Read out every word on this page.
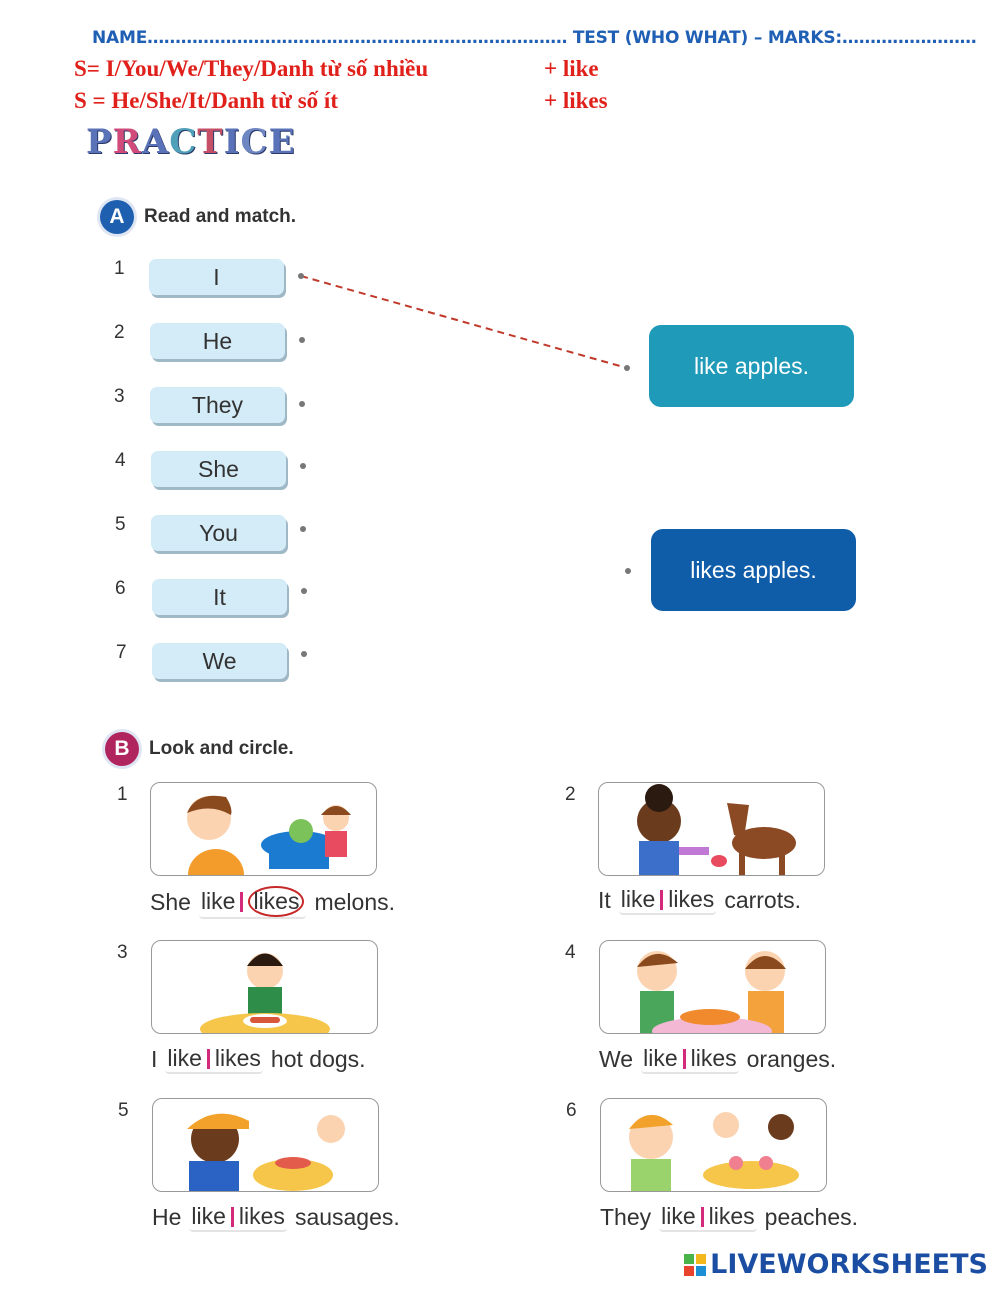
NAME………………………………………………………………… TEST (WHO WHAT) – MARKS:……………………
S= I/You/We/They/Danh từ số nhiều	+ like
S = He/She/It/Danh từ số ít	+ likes
PRACTICE
A	Read and match.
1	I
2	He
3	They
4	She
5	You
6	It
7	We
like apples.
likes apples.
B	Look and circle.
1
She like likes melons.
2
It like likes carrots.
3
I like likes hot dogs.
4
We like likes oranges.
5
He like likes sausages.
6
They like likes peaches.
LIVEWORKSHEETS
